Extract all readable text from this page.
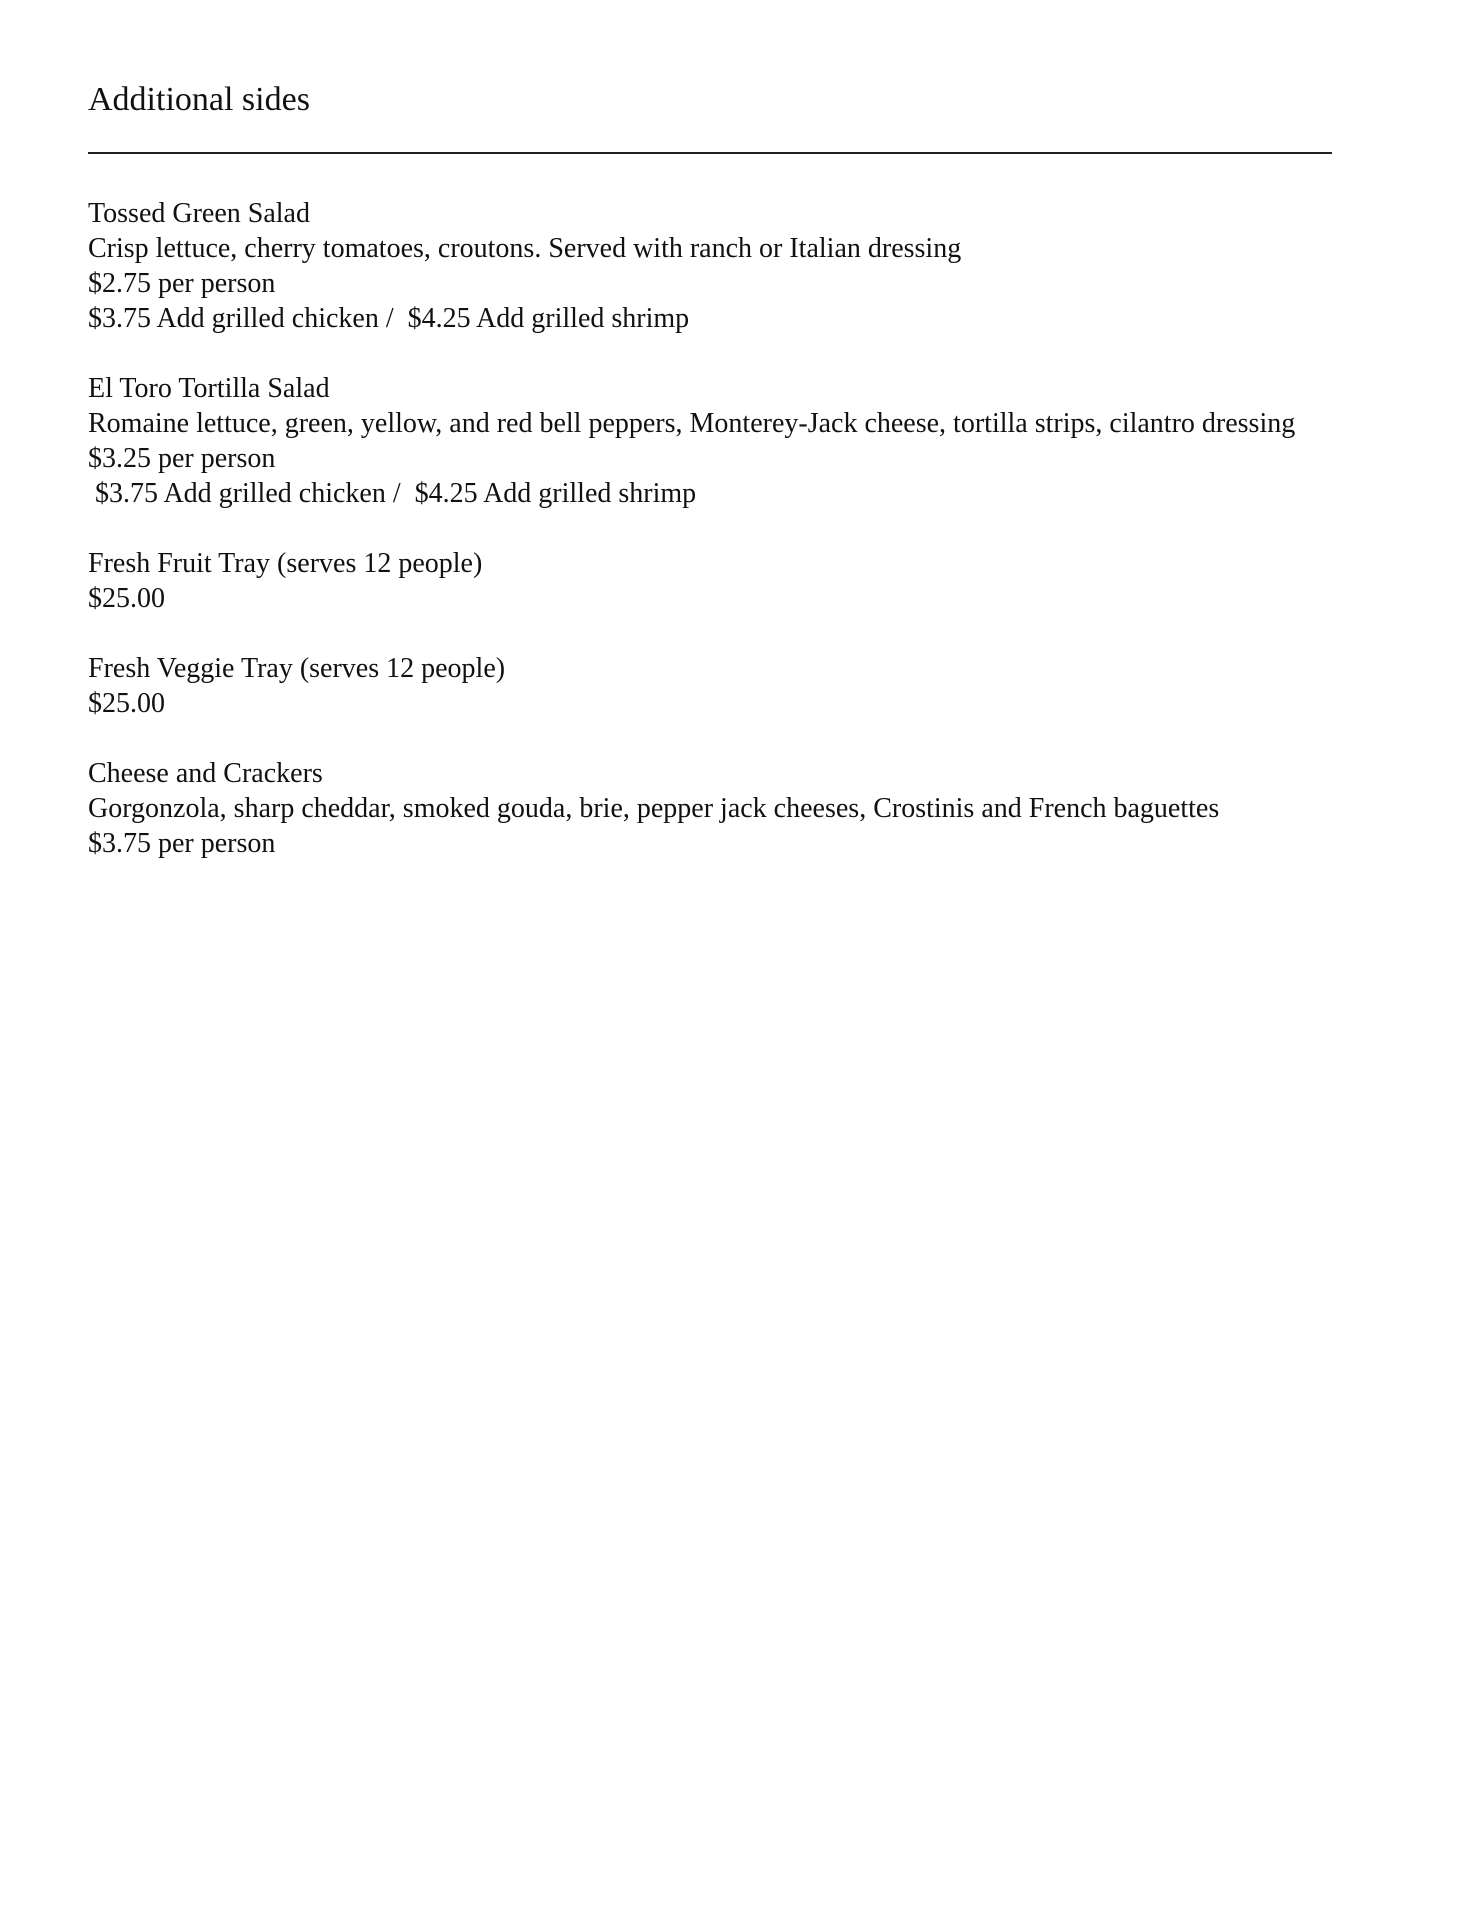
Additional sides
Tossed Green Salad
Crisp lettuce, cherry tomatoes, croutons. Served with ranch or Italian dressing
$2.75 per person
$3.75 Add grilled chicken /  $4.25 Add grilled shrimp
El Toro Tortilla Salad
Romaine lettuce, green, yellow, and red bell peppers, Monterey-Jack cheese, tortilla strips, cilantro dressing
$3.25 per person
$3.75 Add grilled chicken /  $4.25 Add grilled shrimp
Fresh Fruit Tray (serves 12 people)
$25.00
Fresh Veggie Tray (serves 12 people)
$25.00
Cheese and Crackers
Gorgonzola, sharp cheddar, smoked gouda, brie, pepper jack cheeses, Crostinis and French baguettes
$3.75 per person
